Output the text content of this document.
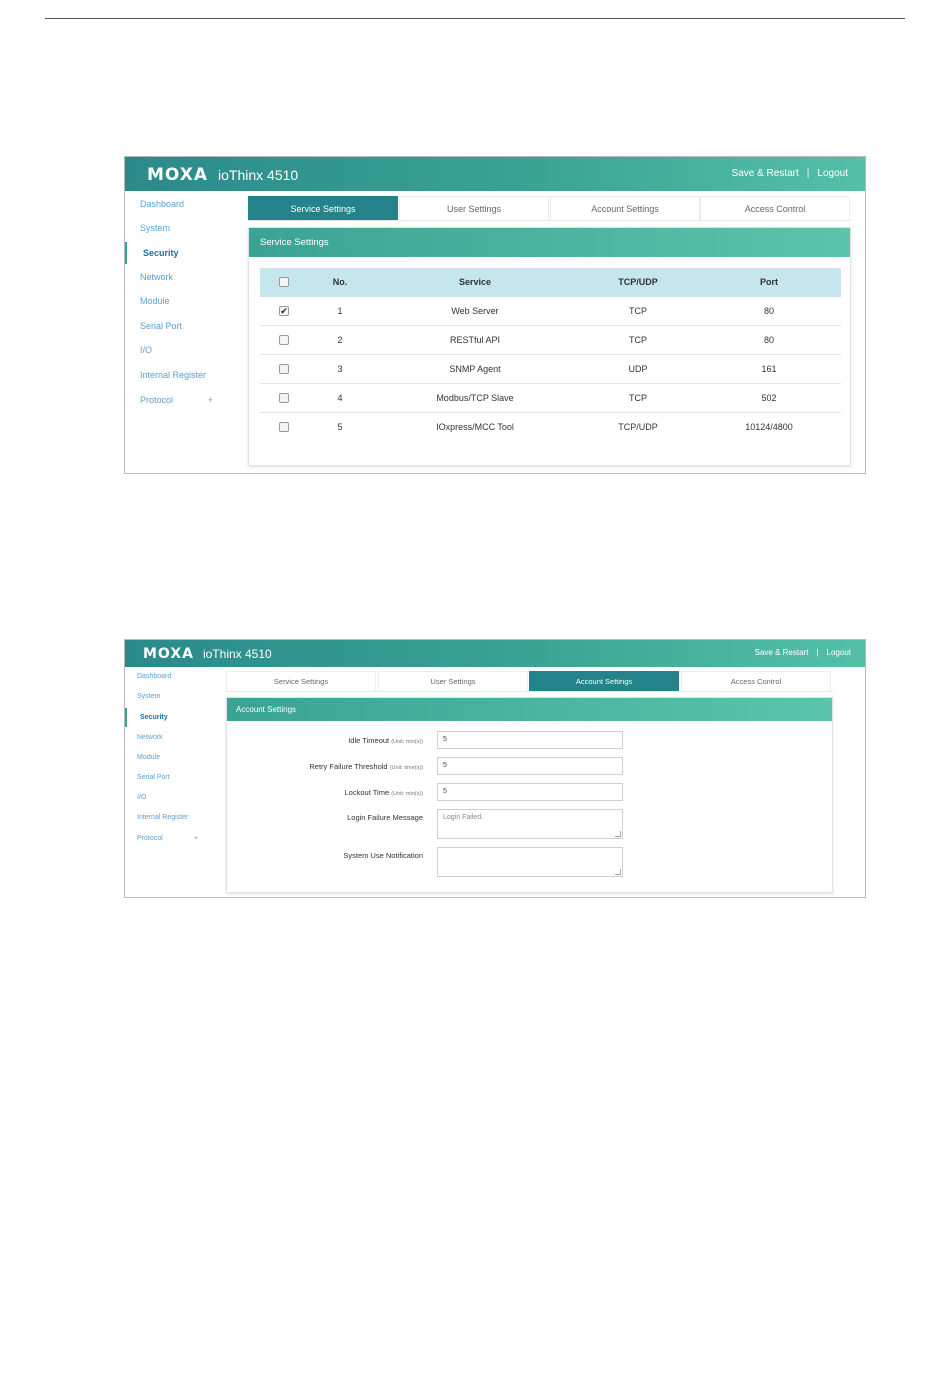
MOXA ioThinx 4510	Save & Restart | Logout
Dashboard
System
Security
Network
Module
Serial Port
I/O
Internal Register
Protocol	+
Service Settings	User Settings	Account Settings	Access Control
Service Settings
No.	Service	TCP/UDP	Port
✔	1	Web Server	TCP	80
2	RESTful API	TCP	80
3	SNMP Agent	UDP	161
4	Modbus/TCP Slave	TCP	502
5	IOxpress/MCC Tool	TCP/UDP	10124/4800
MOXA ioThinx 4510	Save & Restart | Logout
Dashboard
System
Security
Network
Module
Serial Port
I/O
Internal Register
Protocol	+
Service Settings	User Settings	Account Settings	Access Control
Account Settings
Idle Timeout (Unit: min(s))	5
Retry Failure Threshold (Unit: time(s))	5
Lockout Time (Unit: min(s))	5
Login Failure Message	Login Failed.
System Use Notification
